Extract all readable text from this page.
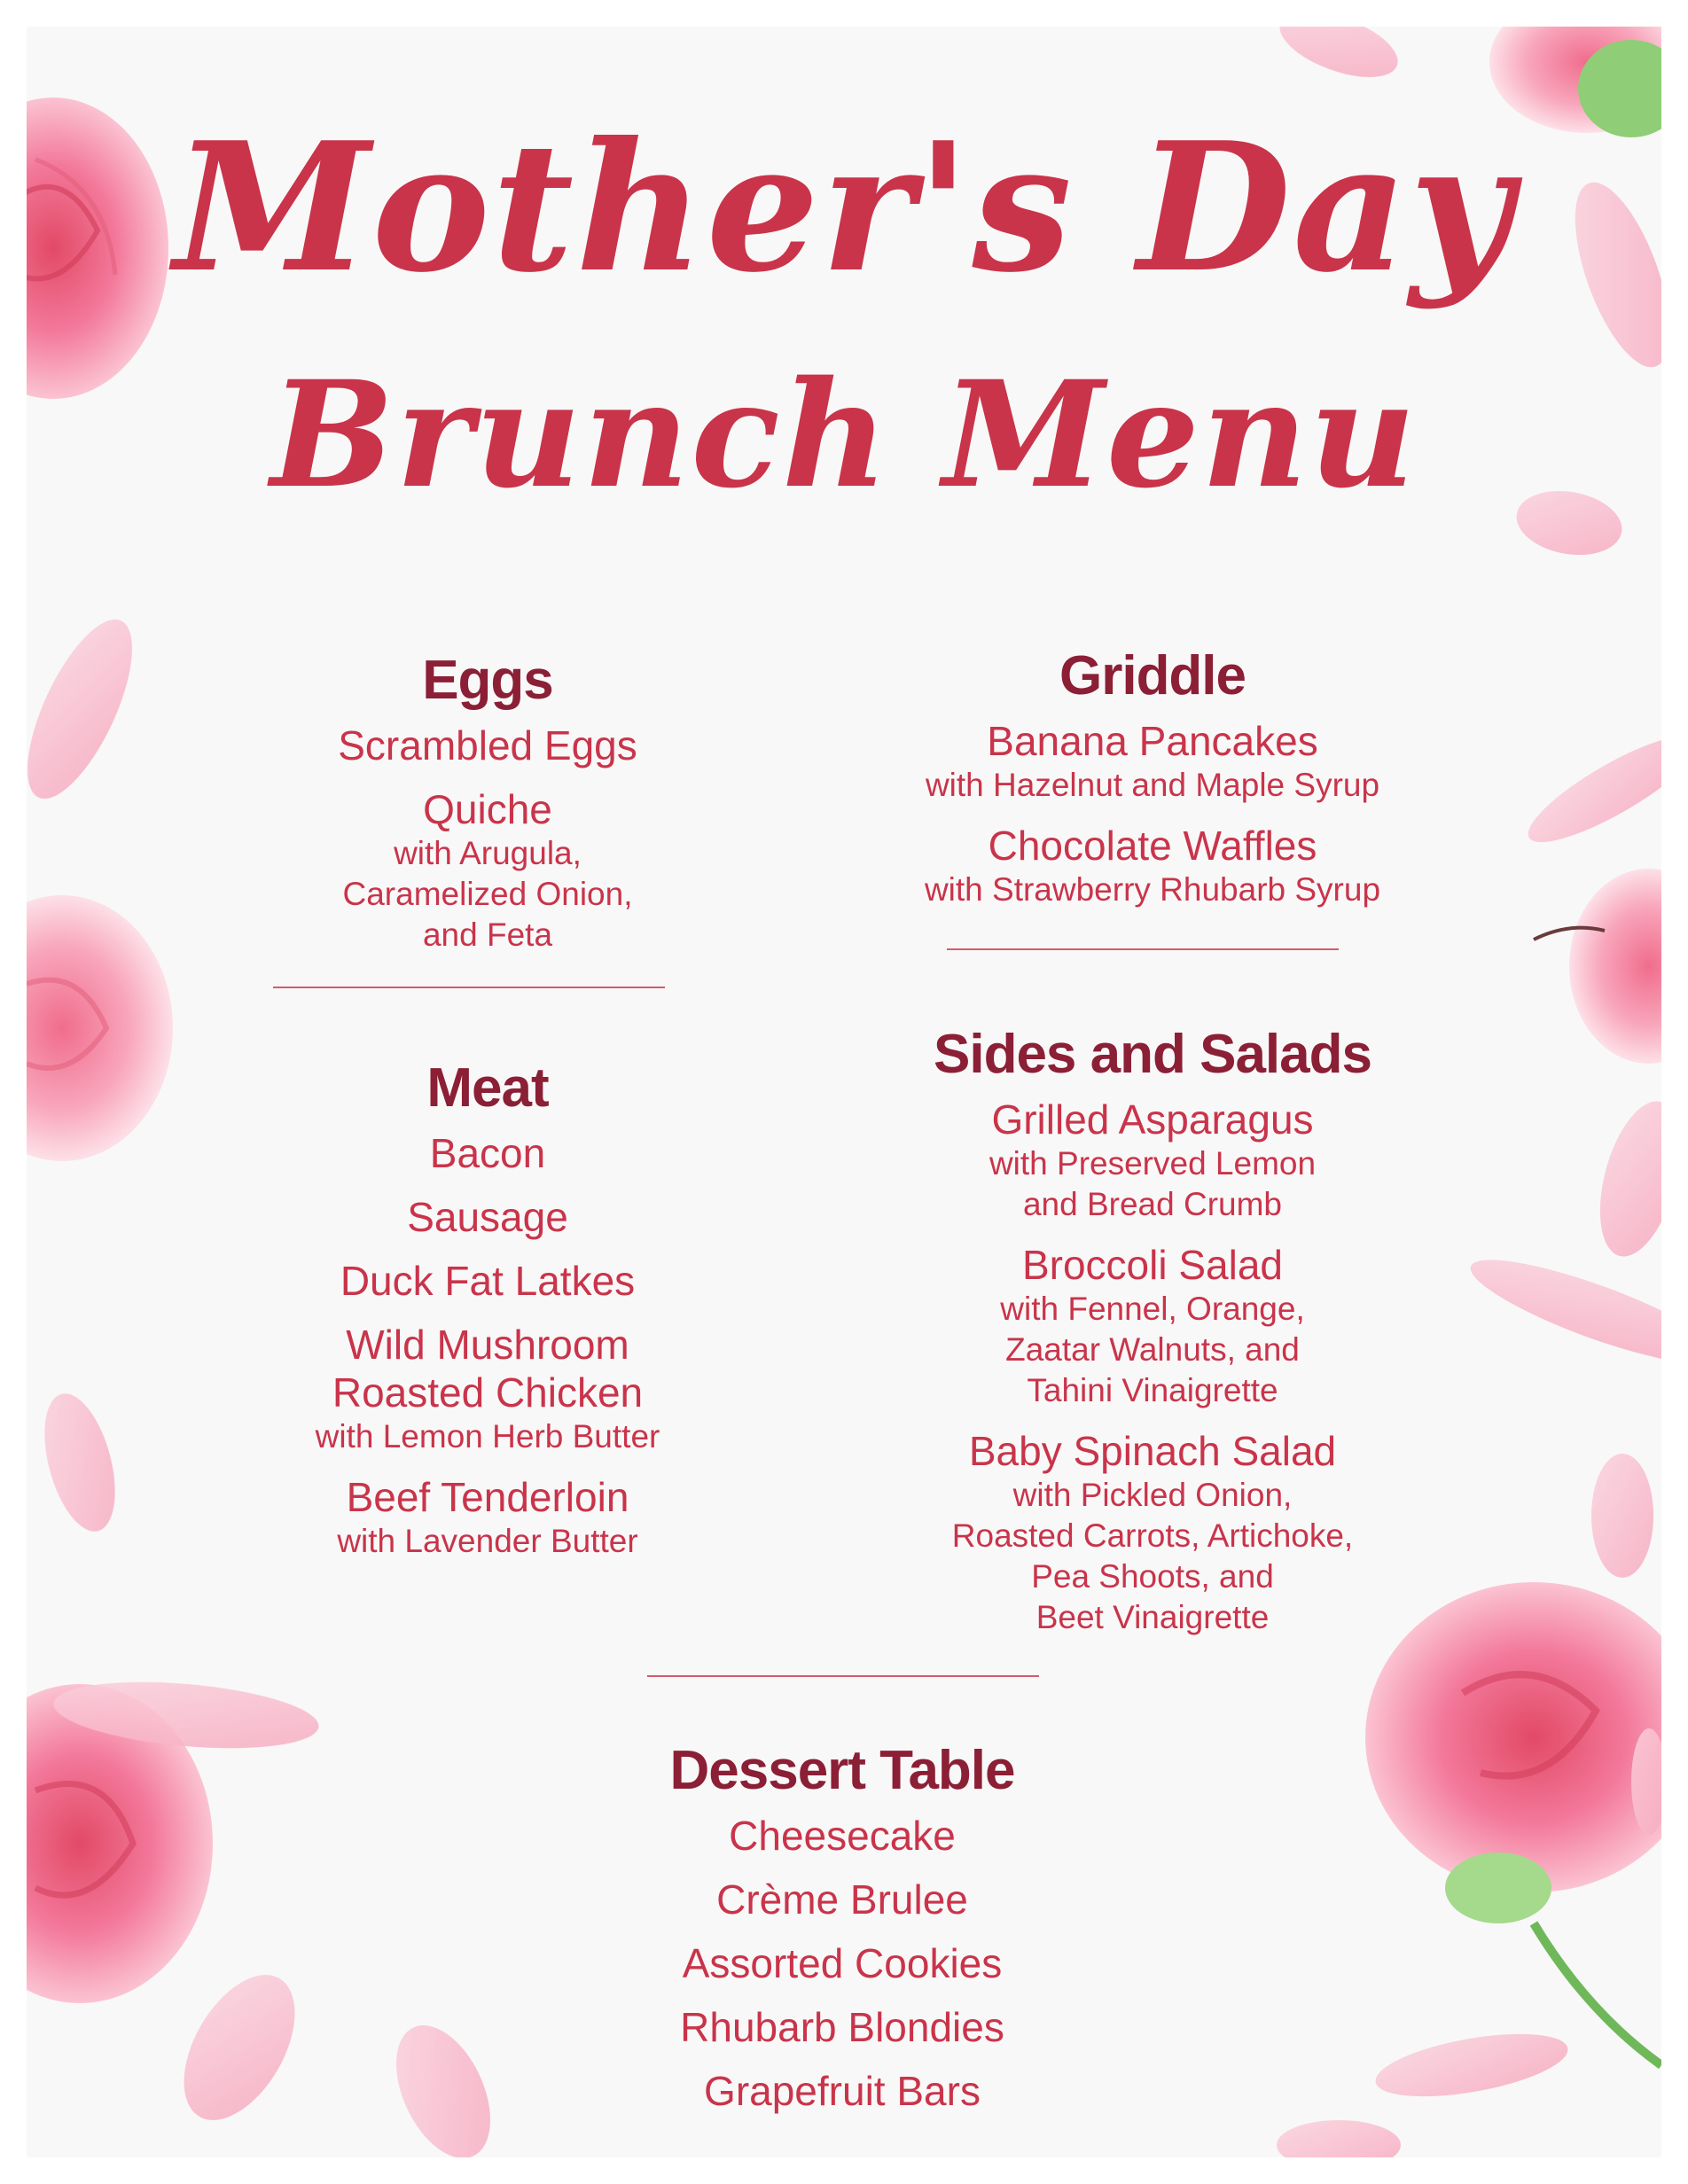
Mother's Day
Brunch Menu
Eggs
Scrambled Eggs
Quiche
with Arugula,
Caramelized Onion,
and Feta
Meat
Bacon
Sausage
Duck Fat Latkes
Wild Mushroom
Roasted Chicken
with Lemon Herb Butter
Beef Tenderloin
with Lavender Butter
Griddle
Banana Pancakes
with Hazelnut and Maple Syrup
Chocolate Waffles
with Strawberry Rhubarb Syrup
Sides and Salads
Grilled Asparagus
with Preserved Lemon
and Bread Crumb
Broccoli Salad
with Fennel, Orange,
Zaatar Walnuts, and
Tahini Vinaigrette
Baby Spinach Salad
with Pickled Onion,
Roasted Carrots, Artichoke,
Pea Shoots, and
Beet Vinaigrette
Dessert Table
Cheesecake
Crème Brulee
Assorted Cookies
Rhubarb Blondies
Grapefruit Bars
